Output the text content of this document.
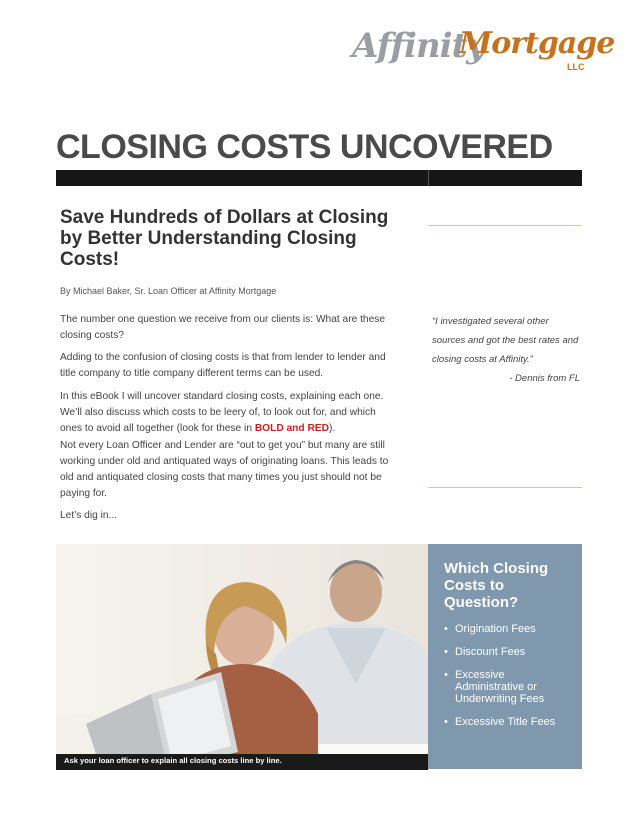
Affinity
Mortgage
LLC
CLOSING COSTS UNCOVERED
Save Hundreds of Dollars at Closing by Better Understanding Closing Costs!
By Michael Baker, Sr. Loan Officer at Affinity Mortgage

The number one question we receive from our clients is: What are these closing costs?

Adding to the confusion of closing costs is that from lender to lender and title company to title company different terms can be used.

In this eBook I will uncover standard closing costs, explaining each one. We’ll also discuss which costs to be leery of, to look out for, and which ones to avoid all together (look for these in BOLD and RED).

Not every Loan Officer and Lender are “out to get you” but many are still working under old and antiquated ways of originating loans. This leads to old and antiquated closing costs that many times you just should not be paying for.

Let’s dig in...

“I investigated several other sources and got the best rates and closing costs at Affinity.”
- Dennis from FL
Ask your loan officer to explain all closing costs line by line.
Which Closing Costs to Question?
• Origination Fees
• Discount Fees
• Excessive Administrative or Underwriting Fees
• Excessive Title Fees
